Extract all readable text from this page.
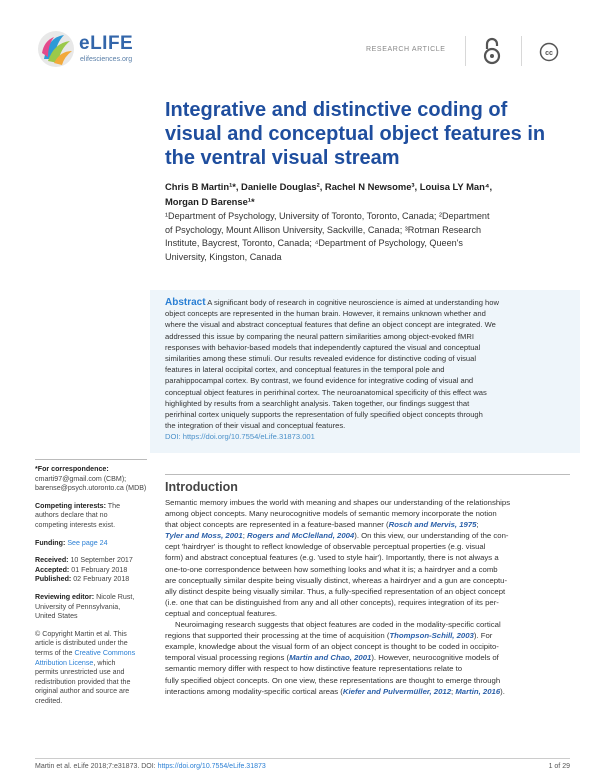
eLIFE
elifesciences.org
RESEARCH ARTICLE
cc
Integrative and distinctive coding of
visual and conceptual object features in
the ventral visual stream
Chris B Martin¹*, Danielle Douglas², Rachel N Newsome³, Louisa LY Man⁴,
Morgan D Barense¹*
¹Department of Psychology, University of Toronto, Toronto, Canada; ²Department
of Psychology, Mount Allison University, Sackville, Canada; ³Rotman Research
Institute, Baycrest, Toronto, Canada; ⁴Department of Psychology, Queen's
University, Kingston, Canada
Abstract A significant body of research in cognitive neuroscience is aimed at understanding how
object concepts are represented in the human brain. However, it remains unknown whether and
where the visual and abstract conceptual features that define an object concept are integrated. We
addressed this issue by comparing the neural pattern similarities among object-evoked fMRI
responses with behavior-based models that independently captured the visual and conceptual
similarities among these stimuli. Our results revealed evidence for distinctive coding of visual
features in lateral occipital cortex, and conceptual features in the temporal pole and
parahippocampal cortex. By contrast, we found evidence for integrative coding of visual and
conceptual object features in perirhinal cortex. The neuroanatomical specificity of this effect was
highlighted by results from a searchlight analysis. Taken together, our findings suggest that
perirhinal cortex uniquely supports the representation of fully specified object concepts through
the integration of their visual and conceptual features.
DOI: https://doi.org/10.7554/eLife.31873.001
*For correspondence:
cmarti97@gmail.com (CBM);
barense@psych.utoronto.ca (MDB)
Competing interests: The
authors declare that no
competing interests exist.
Funding: See page 24
Received: 10 September 2017
Accepted: 01 February 2018
Published: 02 February 2018
Reviewing editor: Nicole Rust,
University of Pennsylvania,
United States
© Copyright Martin et al. This
article is distributed under the
terms of the Creative Commons
Attribution License, which
permits unrestricted use and
redistribution provided that the
original author and source are
credited.
Introduction
Semantic memory imbues the world with meaning and shapes our understanding of the relationships
among object concepts. Many neurocognitive models of semantic memory incorporate the notion
that object concepts are represented in a feature-based manner (Rosch and Mervis, 1975;
Tyler and Moss, 2001; Rogers and McClelland, 2004). On this view, our understanding of the con-
cept 'hairdryer' is thought to reflect knowledge of observable perceptual properties (e.g. visual
form) and abstract conceptual features (e.g. 'used to style hair'). Importantly, there is not always a
one-to-one correspondence between how something looks and what it is; a hairdryer and a comb
are conceptually similar despite being visually distinct, whereas a hairdryer and a gun are conceptu-
ally distinct despite being visually similar. Thus, a fully-specified representation of an object concept
(i.e. one that can be distinguished from any and all other concepts), requires integration of its per-
ceptual and conceptual features.
Neuroimaging research suggests that object features are coded in the modality-specific cortical
regions that supported their processing at the time of acquisition (Thompson-Schill, 2003). For
example, knowledge about the visual form of an object concept is thought to be coded in occipito-
temporal visual processing regions (Martin and Chao, 2001). However, neurocognitive models of
semantic memory differ with respect to how distinctive feature representations relate to
fully specified object concepts. On one view, these representations are thought to emerge through
interactions among modality-specific cortical areas (Kiefer and Pulvermüller, 2012; Martin, 2016).
Martin et al. eLife 2018;7:e31873. DOI: https://doi.org/10.7554/eLife.31873	1 of 29
